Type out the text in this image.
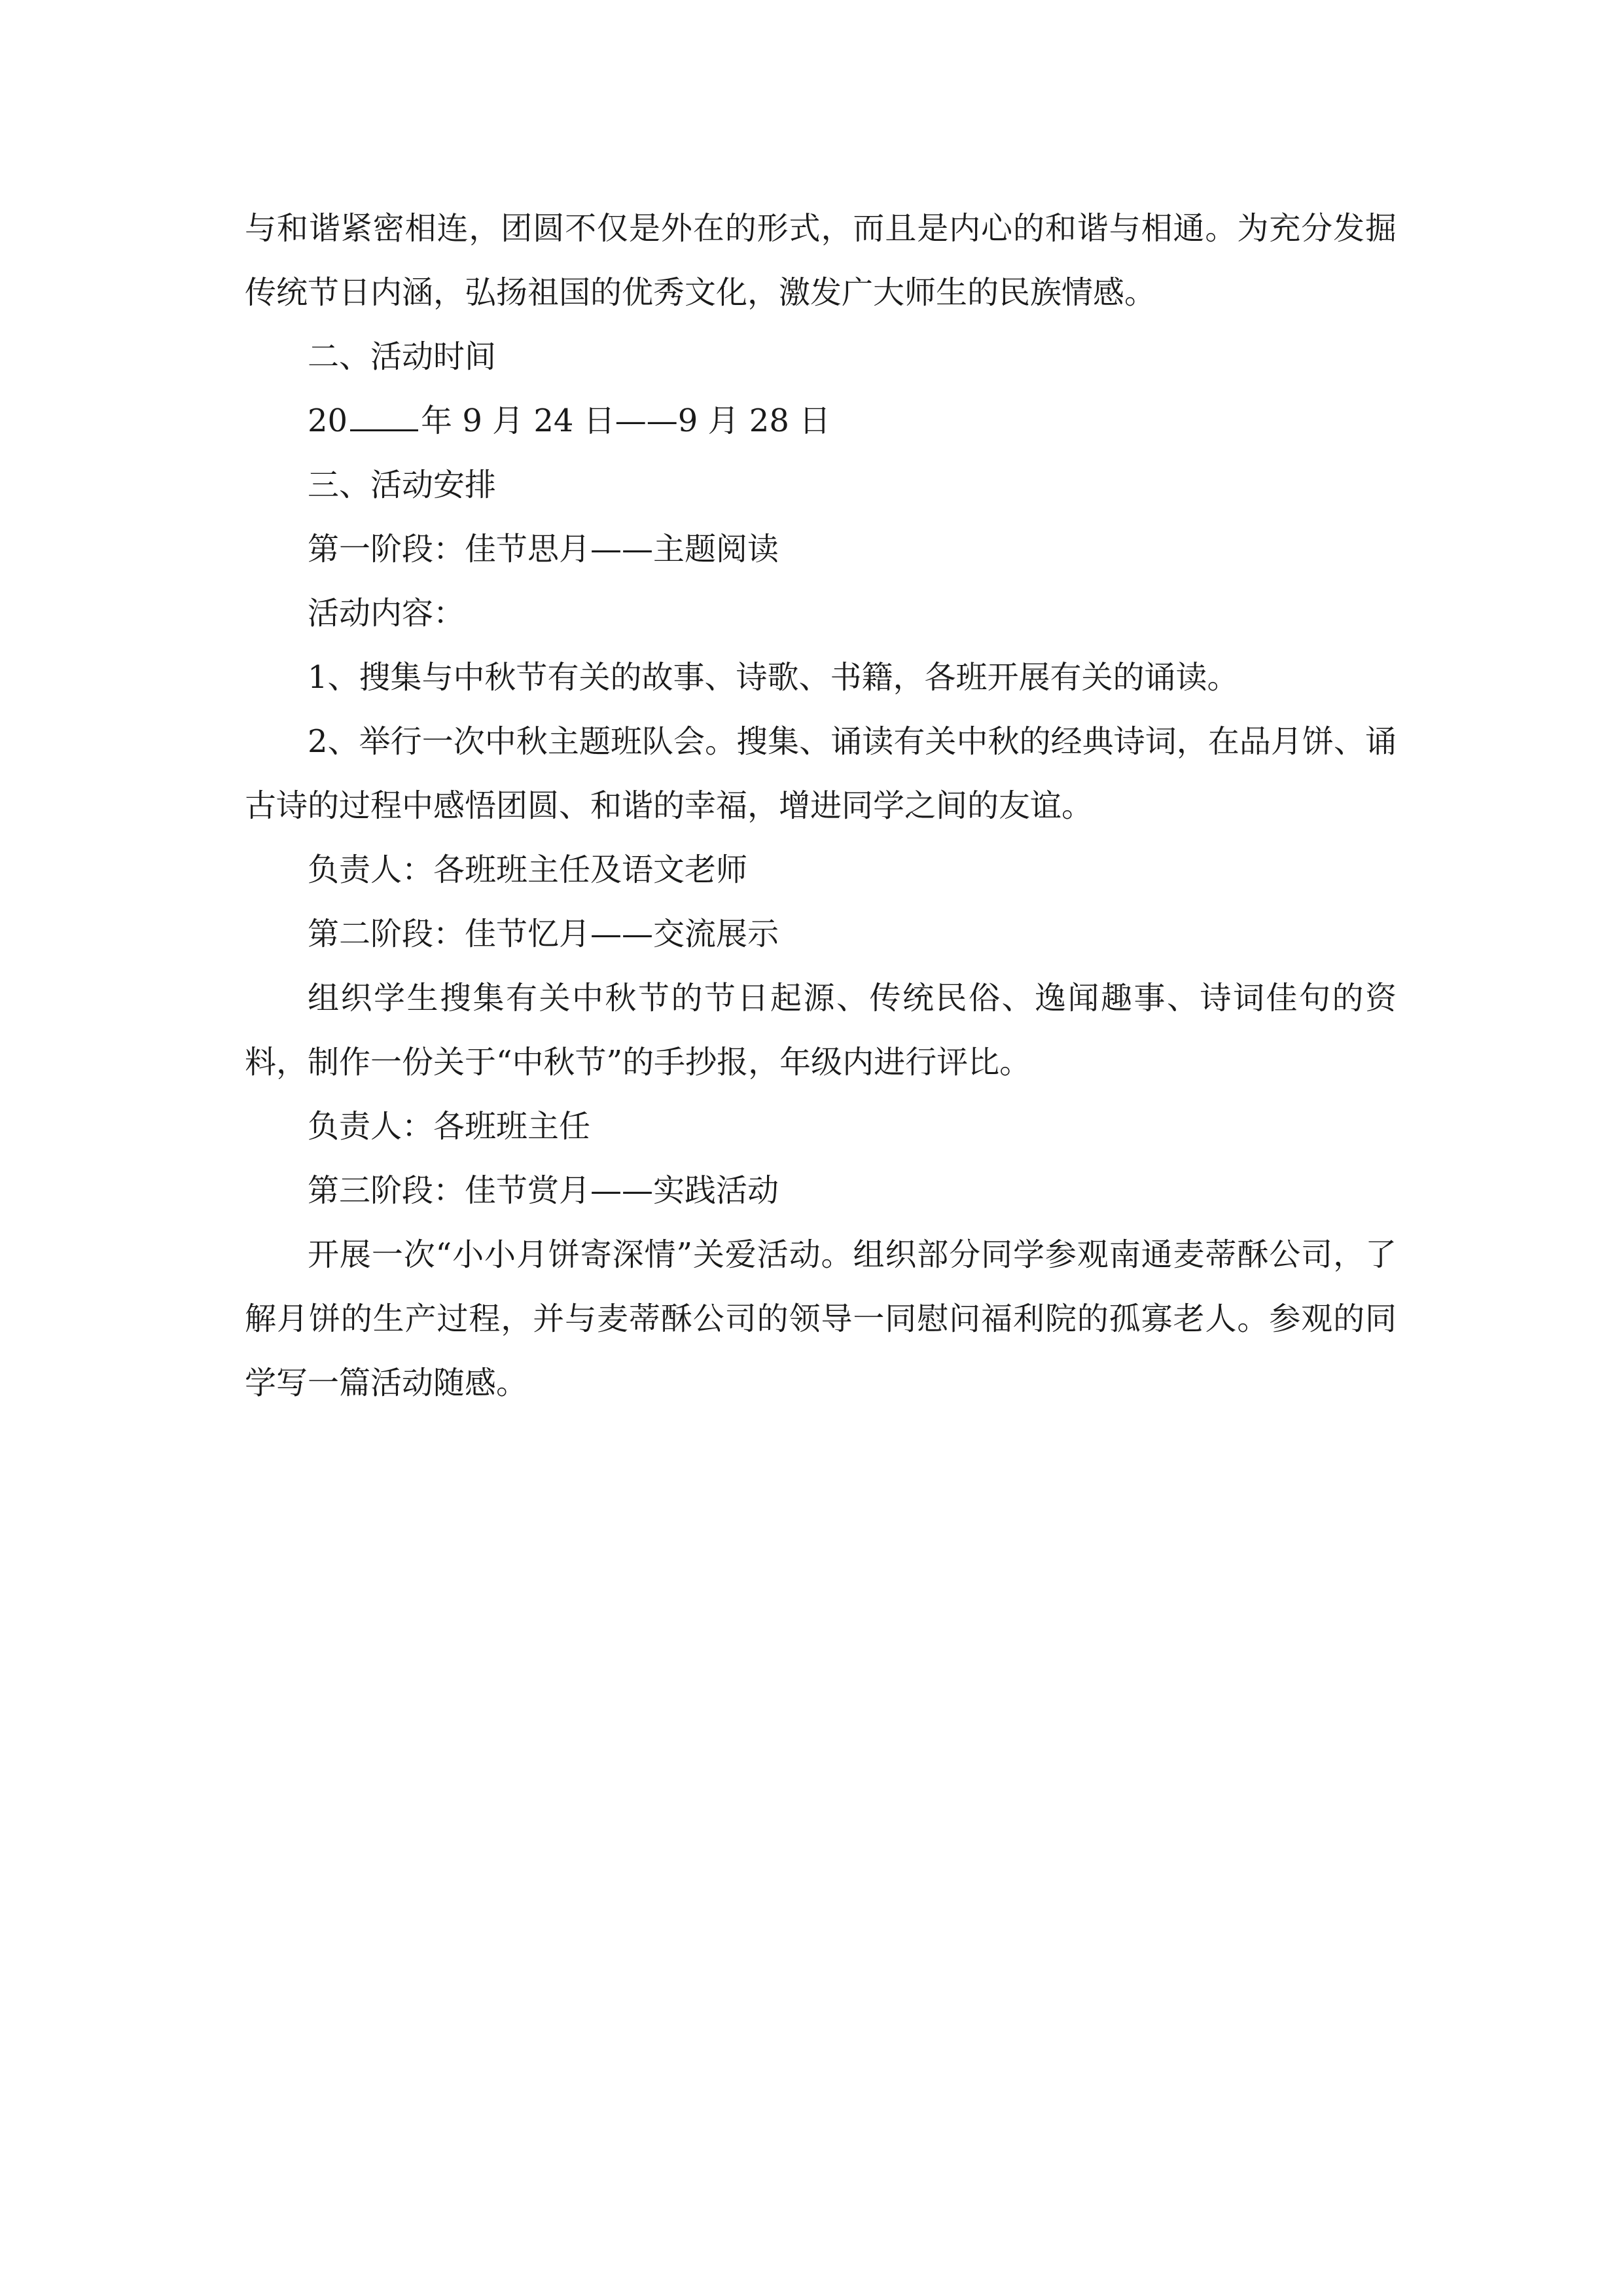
与和谐紧密相连，团圆不仅是外在的形式，而且是内心的和谐与相通。为充分发掘传统节日内涵，弘扬祖国的优秀文化，激发广大师生的民族情感。

二、活动时间

20 年 9 月 24 日——9 月 28 日

三、活动安排

第一阶段：佳节思月——主题阅读

活动内容：

1、搜集与中秋节有关的故事、诗歌、书籍，各班开展有关的诵读。

2、举行一次中秋主题班队会。搜集、诵读有关中秋的经典诗词，在品月饼、诵古诗的过程中感悟团圆、和谐的幸福，增进同学之间的友谊。

负责人：各班班主任及语文老师

第二阶段：佳节忆月——交流展示

组织学生搜集有关中秋节的节日起源、传统民俗、逸闻趣事、诗词佳句的资料，制作一份关于“中秋节”的手抄报，年级内进行评比。

负责人：各班班主任

第三阶段：佳节赏月——实践活动

开展一次“小小月饼寄深情”关爱活动。组织部分同学参观南通麦蒂酥公司，了解月饼的生产过程，并与麦蒂酥公司的领导一同慰问福利院的孤寡老人。参观的同学写一篇活动随感。
